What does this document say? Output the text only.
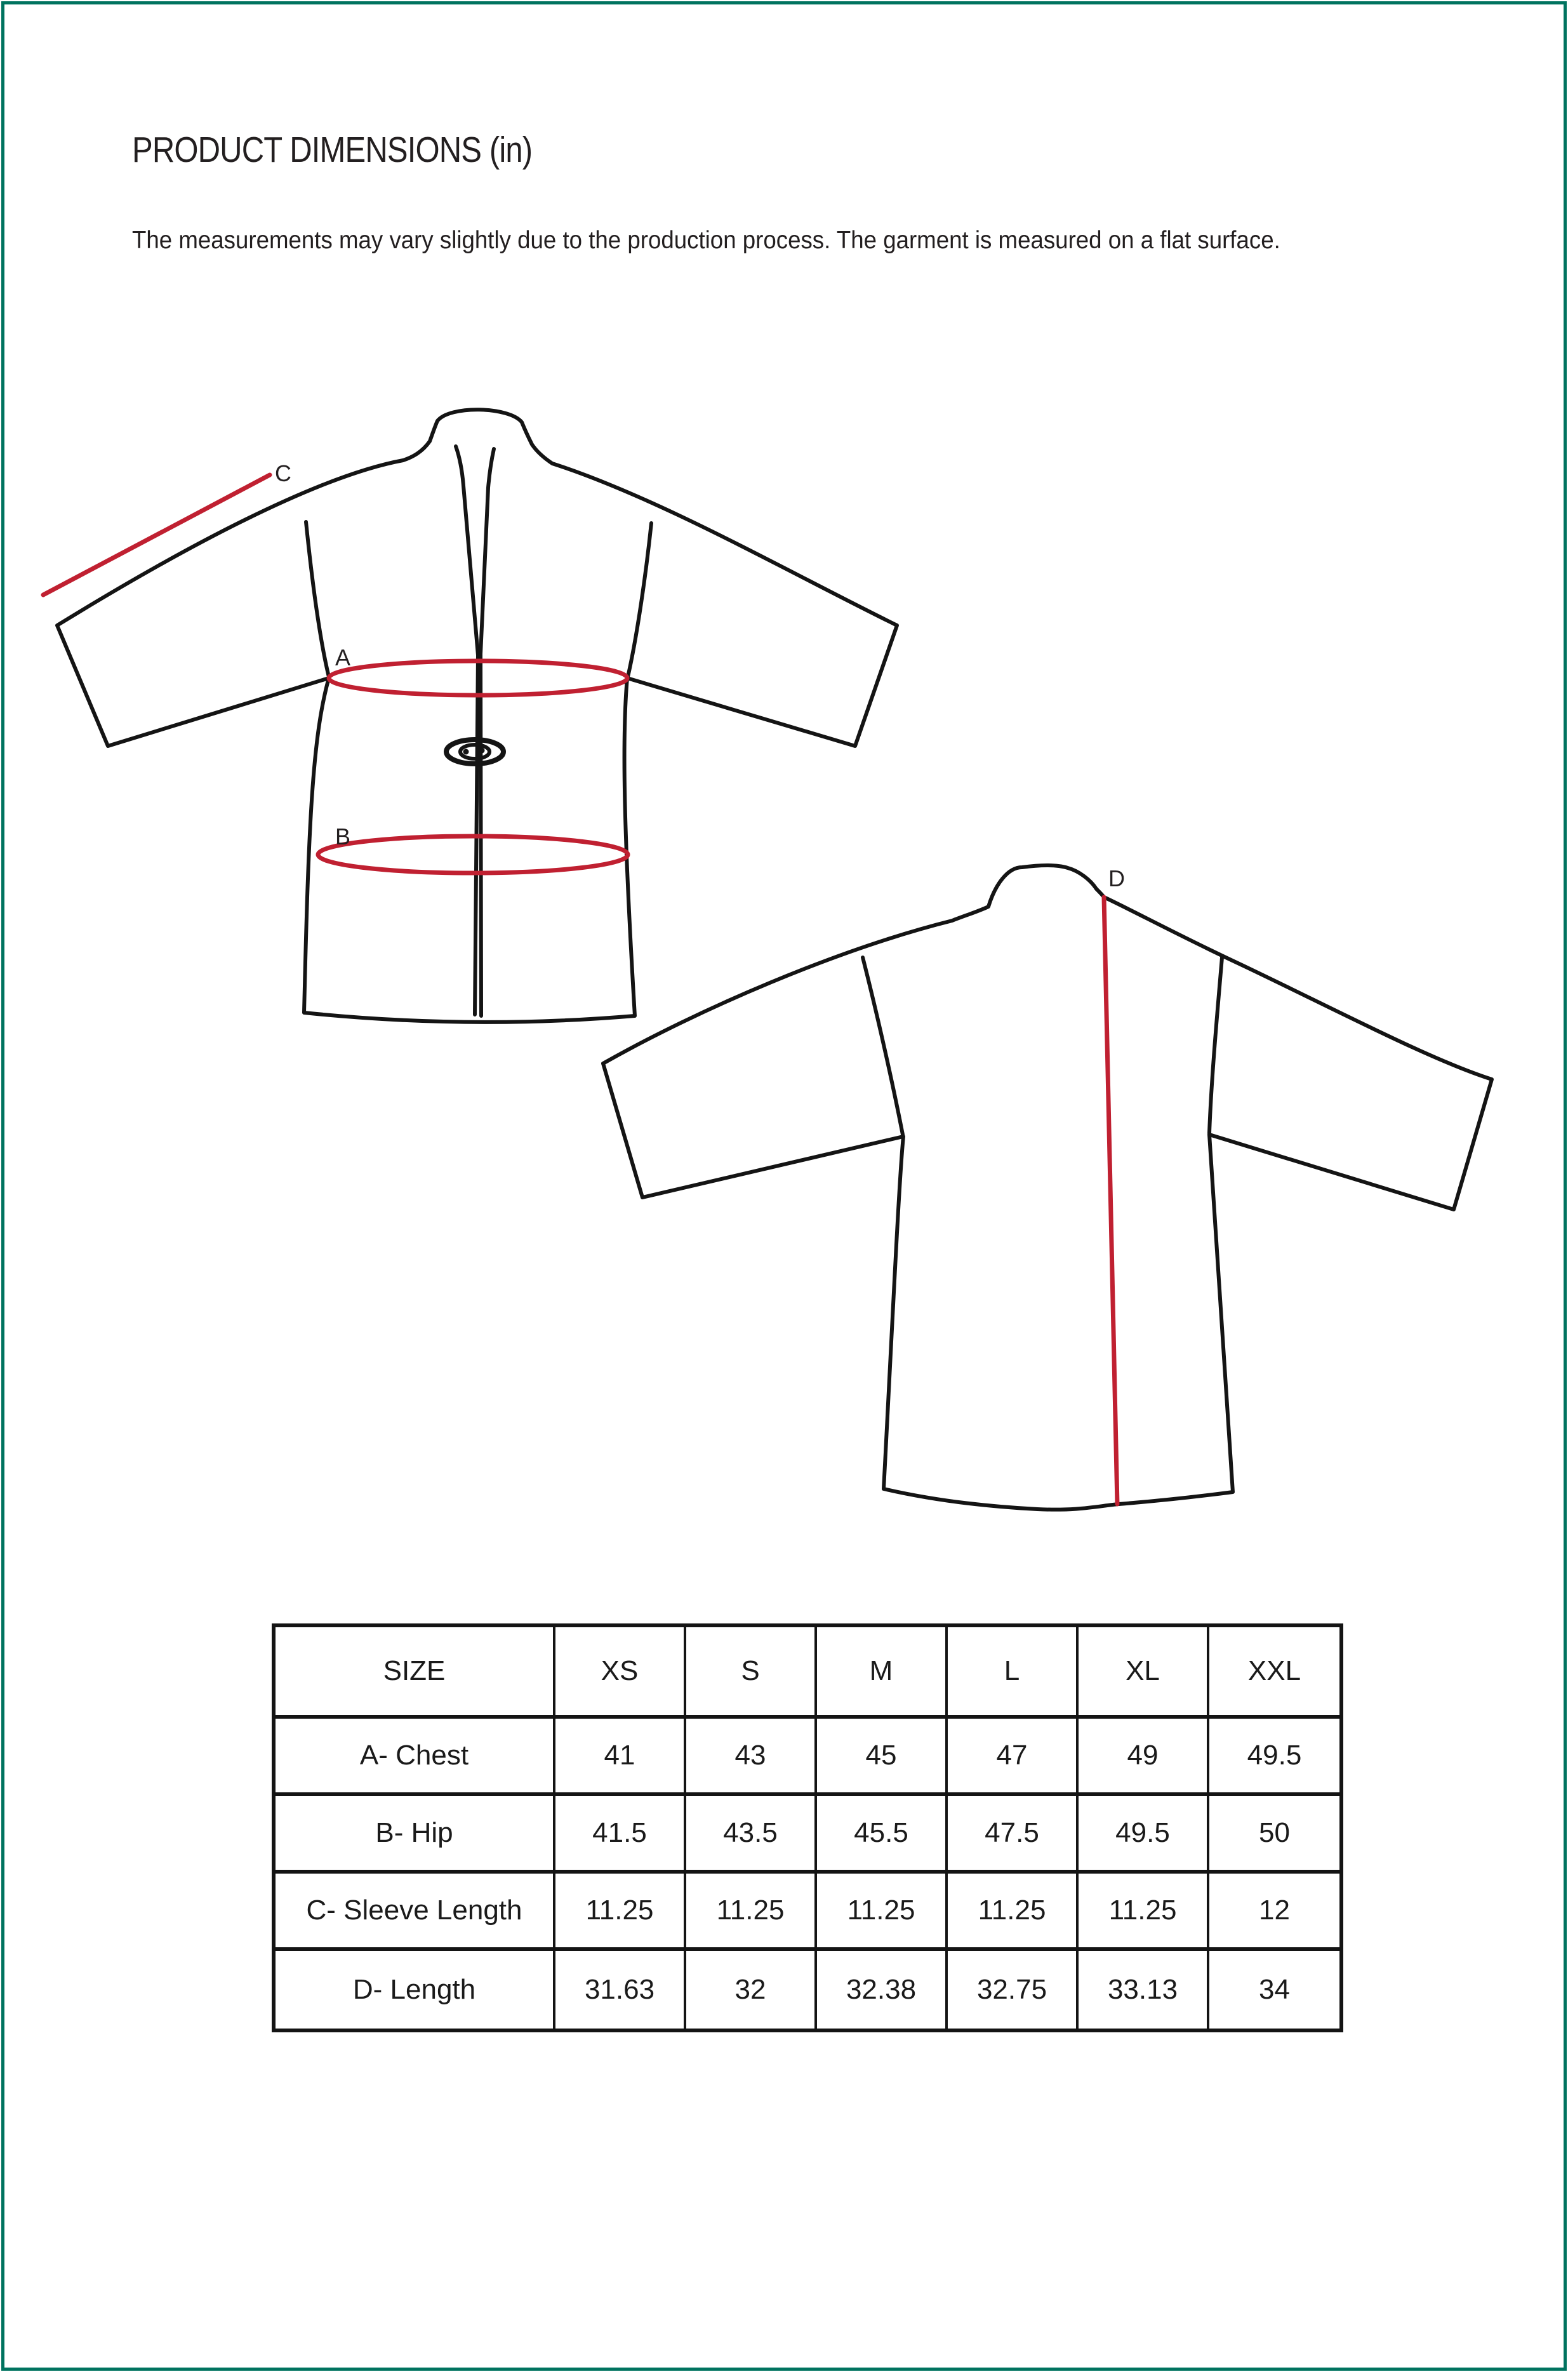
PRODUCT DIMENSIONS (in)
The measurements may vary slightly due to the production process. The garment is measured on a flat surface.
C
A
B
D
SIZE	XS	S	M	L	XL	XXL
A- Chest	41	43	45	47	49	49.5
B- Hip	41.5	43.5	45.5	47.5	49.5	50
C- Sleeve Length	11.25	11.25	11.25	11.25	11.25	12
D- Length	31.63	32	32.38	32.75	33.13	34
